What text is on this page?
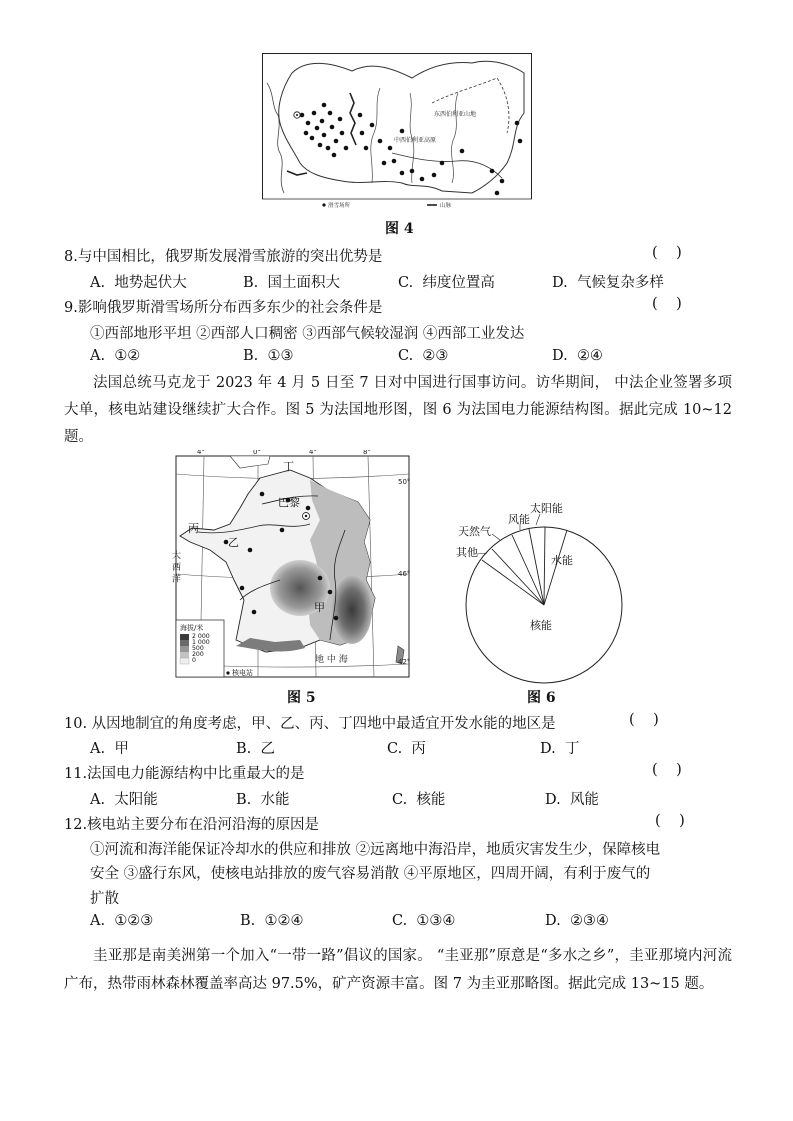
东西伯利亚山地
中西伯利亚高原
滑雪场所	山脉
图 4
8.与中国相比，俄罗斯发展滑雪旅游的突出优势是	(    )
A. 地势起伏大	B. 国土面积大	C. 纬度位置高	D. 气候复杂多样
9.影响俄罗斯滑雪场所分布西多东少的社会条件是	(    )
①西部地形平坦 ②西部人口稠密 ③西部气候较湿润 ④西部工业发达
A. ①②	B. ①③	C. ②③	D. ②④
法国总统马克龙于 2023 年 4 月 5 日至 7 日对中国进行国事访问。访华期间， 中法企业签署多项大单，核电站建设继续扩大合作。图 5 为法国地形图，图 6 为法国电力能源结构图。据此完成 10~12 题。
丁
巴黎
丙
乙
甲
地 中 海
大 西 洋
4°	0°	4°	8°
50°
46°
42°
海拔/米
2 000
1 000
500
200
0
核电站
图 5
太阳能
风能
天然气
其他
水能
核能
图 6
10. 从因地制宜的角度考虑，甲、乙、丙、丁四地中最适宜开发水能的地区是	(    )
A. 甲	B. 乙	C. 丙	D. 丁
11.法国电力能源结构中比重最大的是	(    )
A. 太阳能	B. 水能	C. 核能	D. 风能
12.核电站主要分布在沿河沿海的原因是	(    )
①河流和海洋能保证冷却水的供应和排放 ②远离地中海沿岸，地质灾害发生少，保障核电
安全 ③盛行东风，使核电站排放的废气容易消散 ④平原地区，四周开阔，有利于废气的
扩散
A. ①②③	B. ①②④	C. ①③④	D. ②③④
圭亚那是南美洲第一个加入“一带一路”倡议的国家。 “圭亚那”原意是“多水之乡”，圭亚那境内河流广布，热带雨林森林覆盖率高达 97.5%，矿产资源丰富。图 7 为圭亚那略图。据此完成 13~15 题。
